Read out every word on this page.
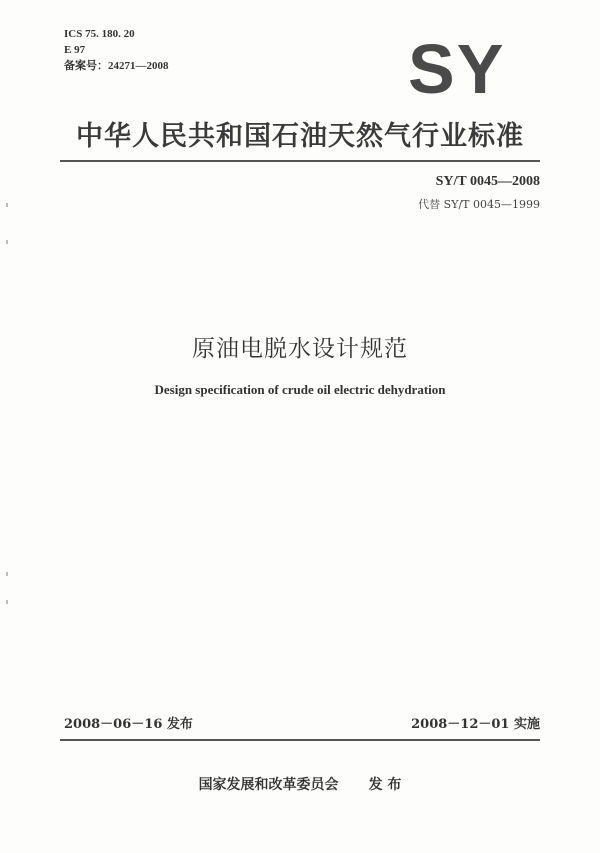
ICS 75. 180. 20
E 97
备案号：24271—2008	SY
中华人民共和国石油天然气行业标准
SY/T 0045—2008
代替 SY/T 0045—1999
原油电脱水设计规范
Design specification of crude oil electric dehydration
2008－06－16 发布	2008－12－01 实施
国家发展和改革委员会 发 布
